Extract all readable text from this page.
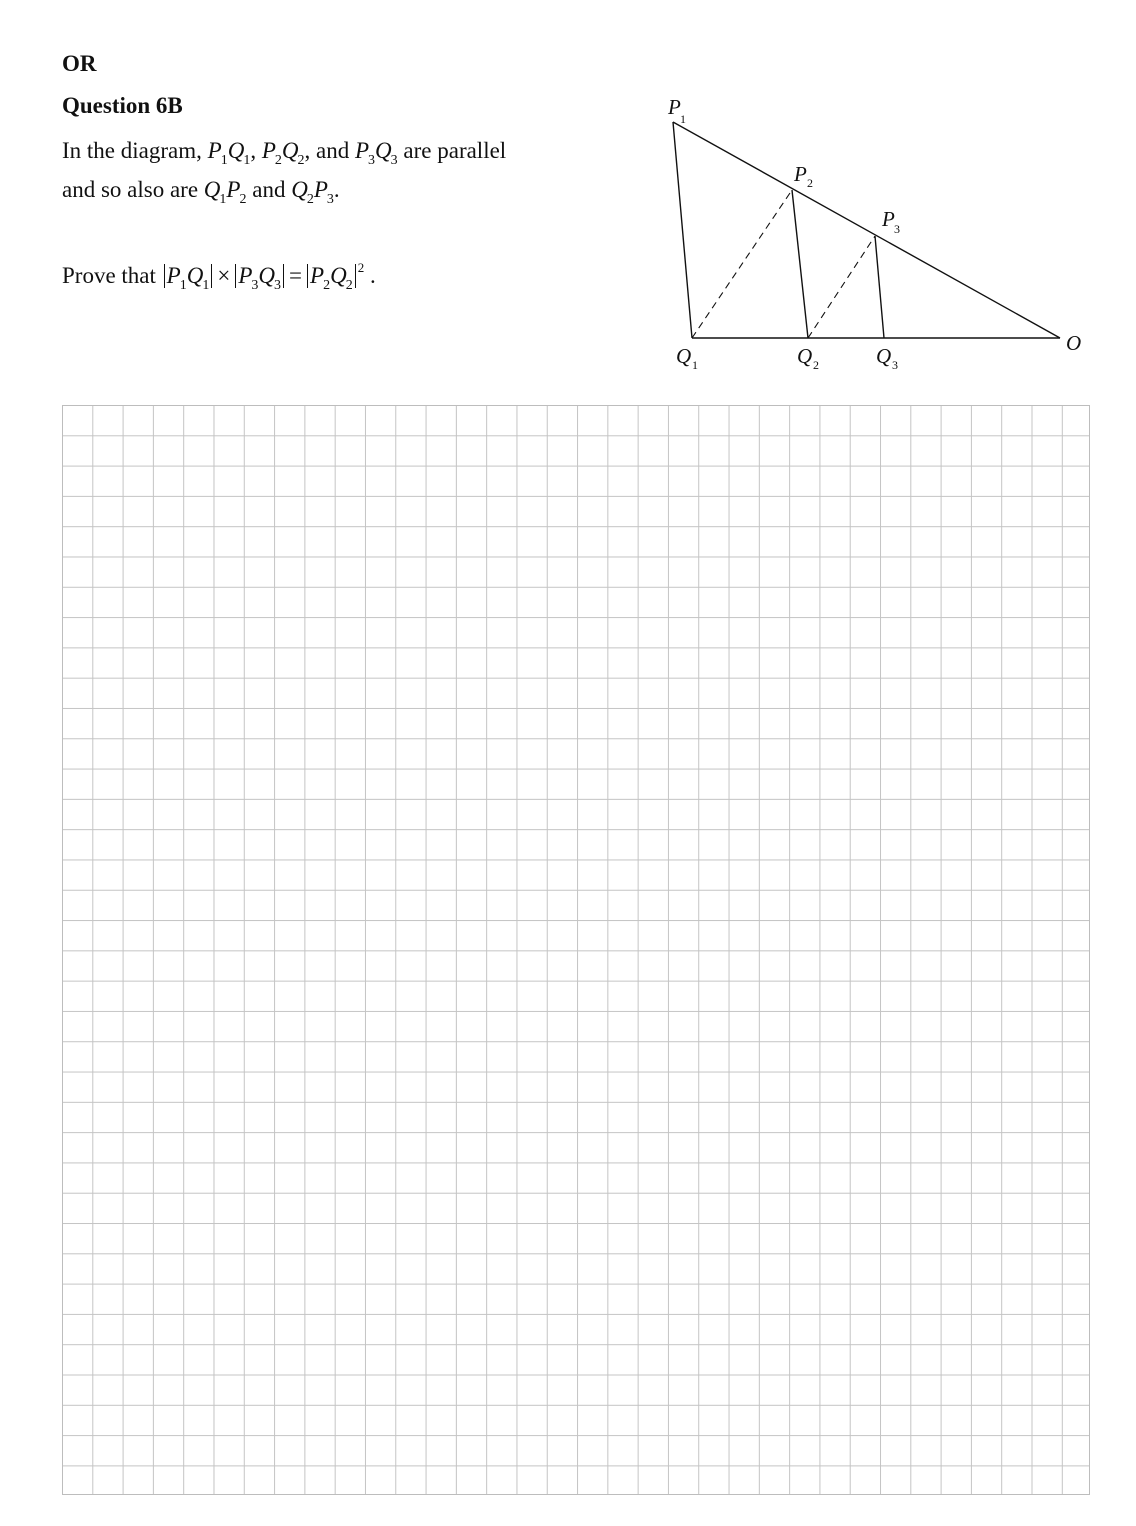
OR
Question 6B
In the diagram, $P_1Q_1$, $P_2Q_2$, and $P_3Q_3$ are parallel
and so also are $Q_1P_2$ and $Q_2P_3$.
Prove that $P_1Q_1 \times P_3Q_3 = P_2Q_2^2$ .
P 1
P 2
P 3
Q 1	Q 2	Q 3
O
